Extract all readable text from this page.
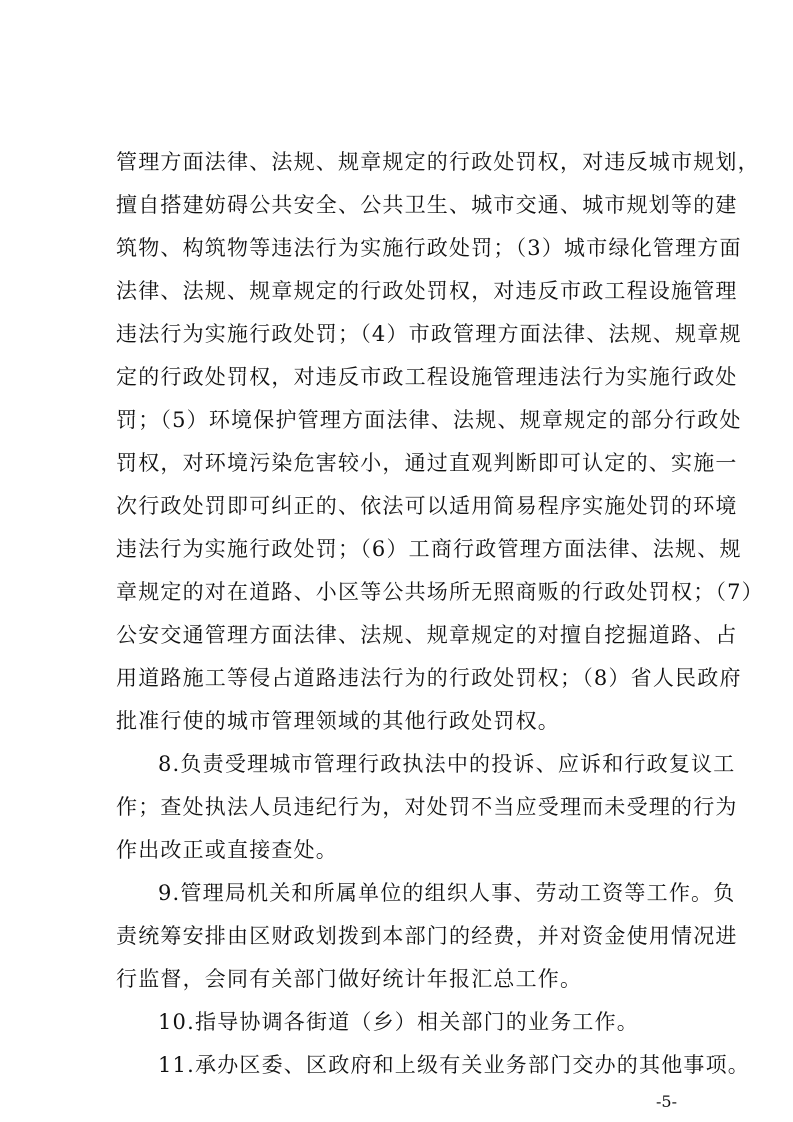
管理方面法律、法规、规章规定的行政处罚权，对违反城市规划，
擅自搭建妨碍公共安全、公共卫生、城市交通、城市规划等的建
筑物、构筑物等违法行为实施行政处罚；（3）城市绿化管理方面
法律、法规、规章规定的行政处罚权，对违反市政工程设施管理
违法行为实施行政处罚；（4）市政管理方面法律、法规、规章规
定的行政处罚权，对违反市政工程设施管理违法行为实施行政处
罚；（5）环境保护管理方面法律、法规、规章规定的部分行政处
罚权，对环境污染危害较小，通过直观判断即可认定的、实施一
次行政处罚即可纠正的、依法可以适用简易程序实施处罚的环境
违法行为实施行政处罚；（6）工商行政管理方面法律、法规、规
章规定的对在道路、小区等公共场所无照商贩的行政处罚权；（7）
公安交通管理方面法律、法规、规章规定的对擅自挖掘道路、占
用道路施工等侵占道路违法行为的行政处罚权；（8）省人民政府
批准行使的城市管理领域的其他行政处罚权。
8.负责受理城市管理行政执法中的投诉、应诉和行政复议工
作；查处执法人员违纪行为，对处罚不当应受理而未受理的行为
作出改正或直接查处。
9.管理局机关和所属单位的组织人事、劳动工资等工作。负
责统筹安排由区财政划拨到本部门的经费，并对资金使用情况进
行监督，会同有关部门做好统计年报汇总工作。
10.指导协调各街道（乡）相关部门的业务工作。
11.承办区委、区政府和上级有关业务部门交办的其他事项。
-5-
